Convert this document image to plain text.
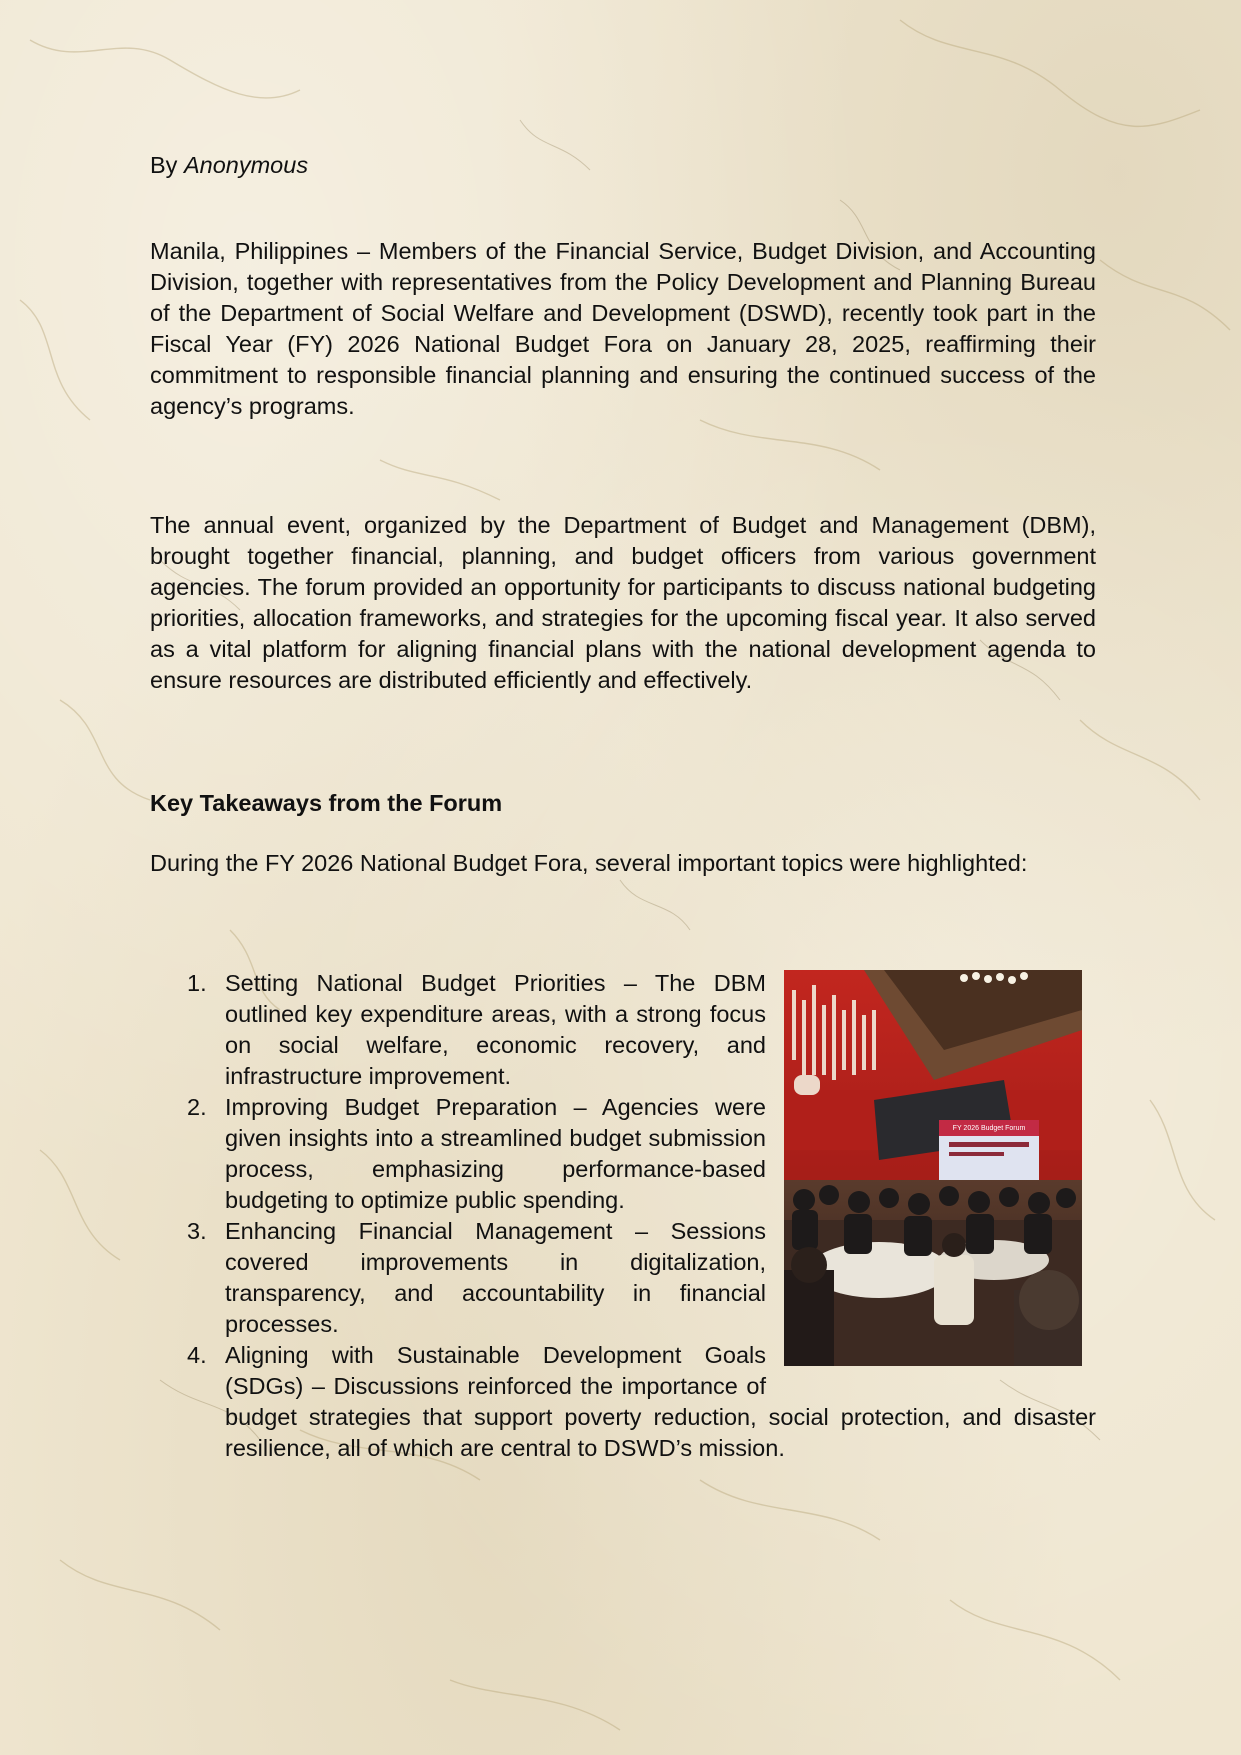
By Anonymous

Manila, Philippines – Members of the Financial Service, Budget Division, and Accounting Division, together with representatives from the Policy Development and Planning Bureau of the Department of Social Welfare and Development (DSWD), recently took part in the Fiscal Year (FY) 2026 National Budget Fora on January 28, 2025, reaffirming their commitment to responsible financial planning and ensuring the continued success of the agency’s programs.

The annual event, organized by the Department of Budget and Management (DBM), brought together financial, planning, and budget officers from various government agencies. The forum provided an opportunity for participants to discuss national budgeting priorities, allocation frameworks, and strategies for the upcoming fiscal year. It also served as a vital platform for aligning financial plans with the national development agenda to ensure resources are distributed efficiently and effectively.

Key Takeaways from the Forum

During the FY 2026 National Budget Fora, several important topics were highlighted:

FY 2026 Budget Forum
1. Setting National Budget Priorities – The DBM outlined key expenditure areas, with a strong focus on social welfare, economic recovery, and infrastructure improvement.
2. Improving Budget Preparation – Agencies were given insights into a streamlined budget submission process, emphasizing performance-based budgeting to optimize public spending.
3. Enhancing Financial Management – Sessions covered improvements in digitalization, transparency, and accountability in financial processes.
4. Aligning with Sustainable Development Goals (SDGs) – Discussions reinforced the importance of budget strategies that support poverty reduction, social protection, and disaster resilience, all of which are central to DSWD’s mission.
